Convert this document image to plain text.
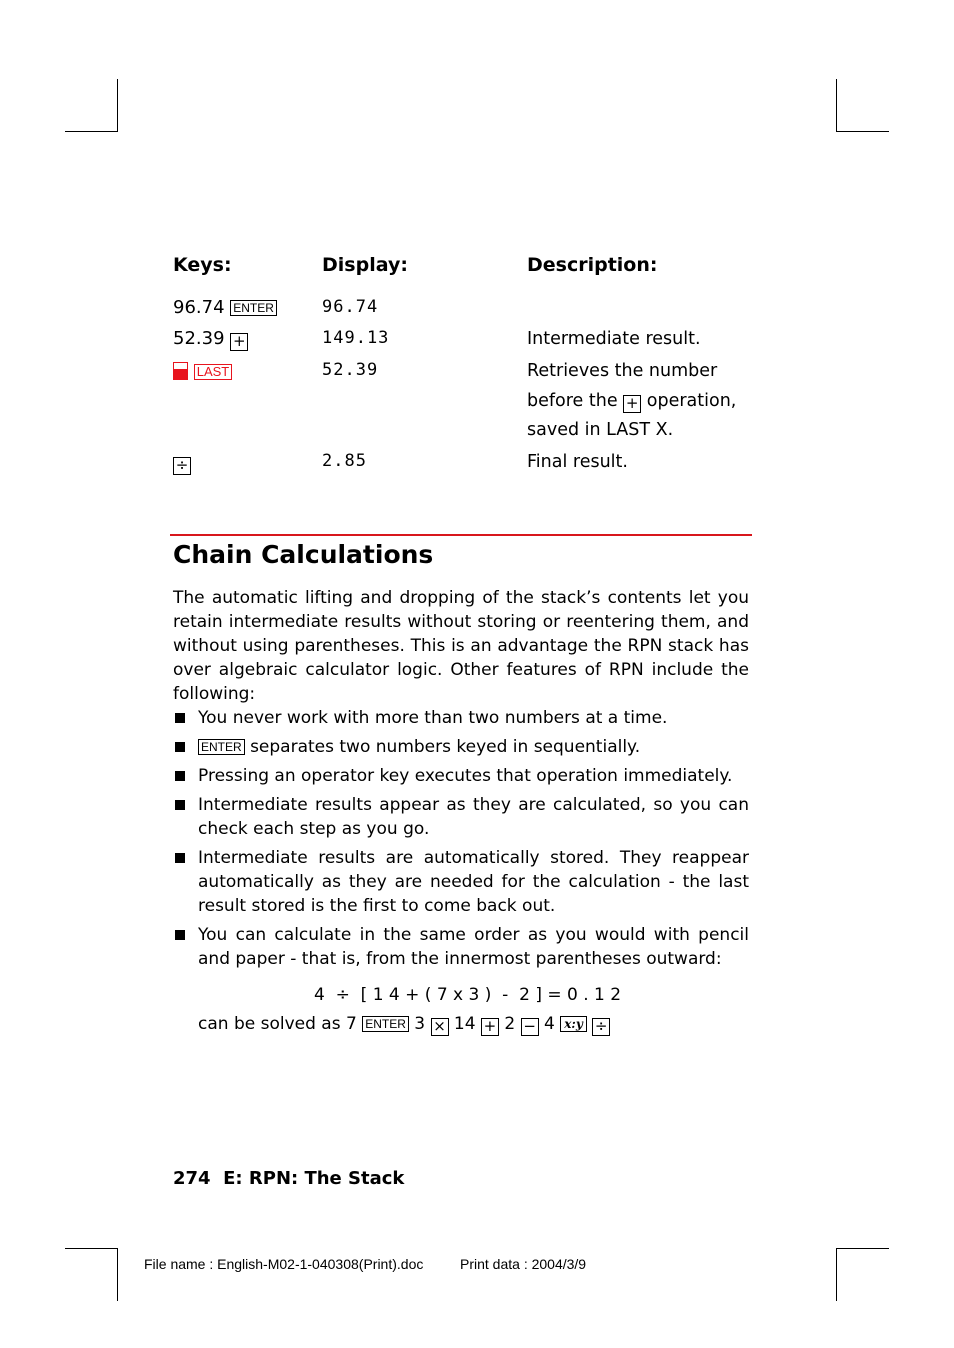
Keys:	Display:	Description:
96.74 ENTER	96.74
52.39 +	149.13	Intermediate result.
LAST	52.39	Retrieves the number
before the + operation,
saved in LAST X.
÷	2.85	Final result.
Chain Calculations
The automatic lifting and dropping of the stack’s contents let you retain intermediate results without storing or reentering them, and without using parentheses. This is an advantage the RPN stack has over algebraic calculator logic. Other features of RPN include the following:
You never work with more than two numbers at a time.
ENTER separates two numbers keyed in sequentially.
Pressing an operator key executes that operation immediately.
Intermediate results appear as they are calculated, so you can check each step as you go.
Intermediate results are automatically stored. They reappear automatically as they are needed for the calculation - the last result stored is the first to come back out.
You can calculate in the same order as you would with pencil and paper - that is, from the innermost parentheses outward:
4  ÷  [ 1 4 + ( 7 x 3 )  -  2 ] = 0 . 1 2
can be solved as 7 ENTER 3 × 14 + 2 − 4 x:y ÷
274 E: RPN: The Stack
File name : English-M02-1-040308(Print).doc	Print data : 2004/3/9
